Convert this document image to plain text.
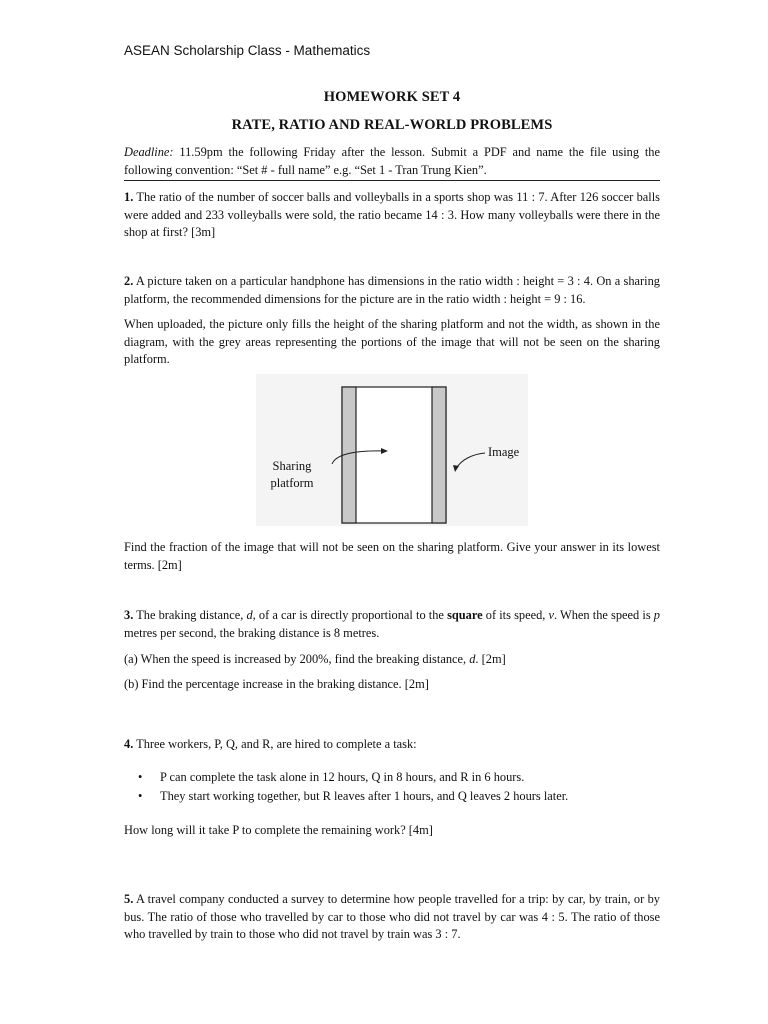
ASEAN Scholarship Class - Mathematics
HOMEWORK SET 4
RATE, RATIO AND REAL-WORLD PROBLEMS

Deadline: 11.59pm the following Friday after the lesson. Submit a PDF and name the file using the following convention: “Set # - full name” e.g. “Set 1 - Tran Trung Kien”.

1. The ratio of the number of soccer balls and volleyballs in a sports shop was 11 : 7. After 126 soccer balls were added and 233 volleyballs were sold, the ratio became 14 : 3. How many volleyballs were there in the shop at first? [3m]

2. A picture taken on a particular handphone has dimensions in the ratio width : height = 3 : 4. On a sharing platform, the recommended dimensions for the picture are in the ratio width : height = 9 : 16.

When uploaded, the picture only fills the height of the sharing platform and not the width, as shown in the diagram, with the grey areas representing the portions of the image that will not be seen on the sharing platform.

Sharing
platform
Image

Find the fraction of the image that will not be seen on the sharing platform. Give your answer in its lowest terms. [2m]

3. The braking distance, d, of a car is directly proportional to the square of its speed, v. When the speed is p metres per second, the braking distance is 8 metres.

(a) When the speed is increased by 200%, find the breaking distance, d. [2m]

(b) Find the percentage increase in the braking distance. [2m]

4. Three workers, P, Q, and R, are hired to complete a task:

• P can complete the task alone in 12 hours, Q in 8 hours, and R in 6 hours.
• They start working together, but R leaves after 1 hours, and Q leaves 2 hours later.

How long will it take P to complete the remaining work? [4m]

5. A travel company conducted a survey to determine how people travelled for a trip: by car, by train, or by bus. The ratio of those who travelled by car to those who did not travel by car was 4 : 5. The ratio of those who travelled by train to those who did not travel by train was 3 : 7.
